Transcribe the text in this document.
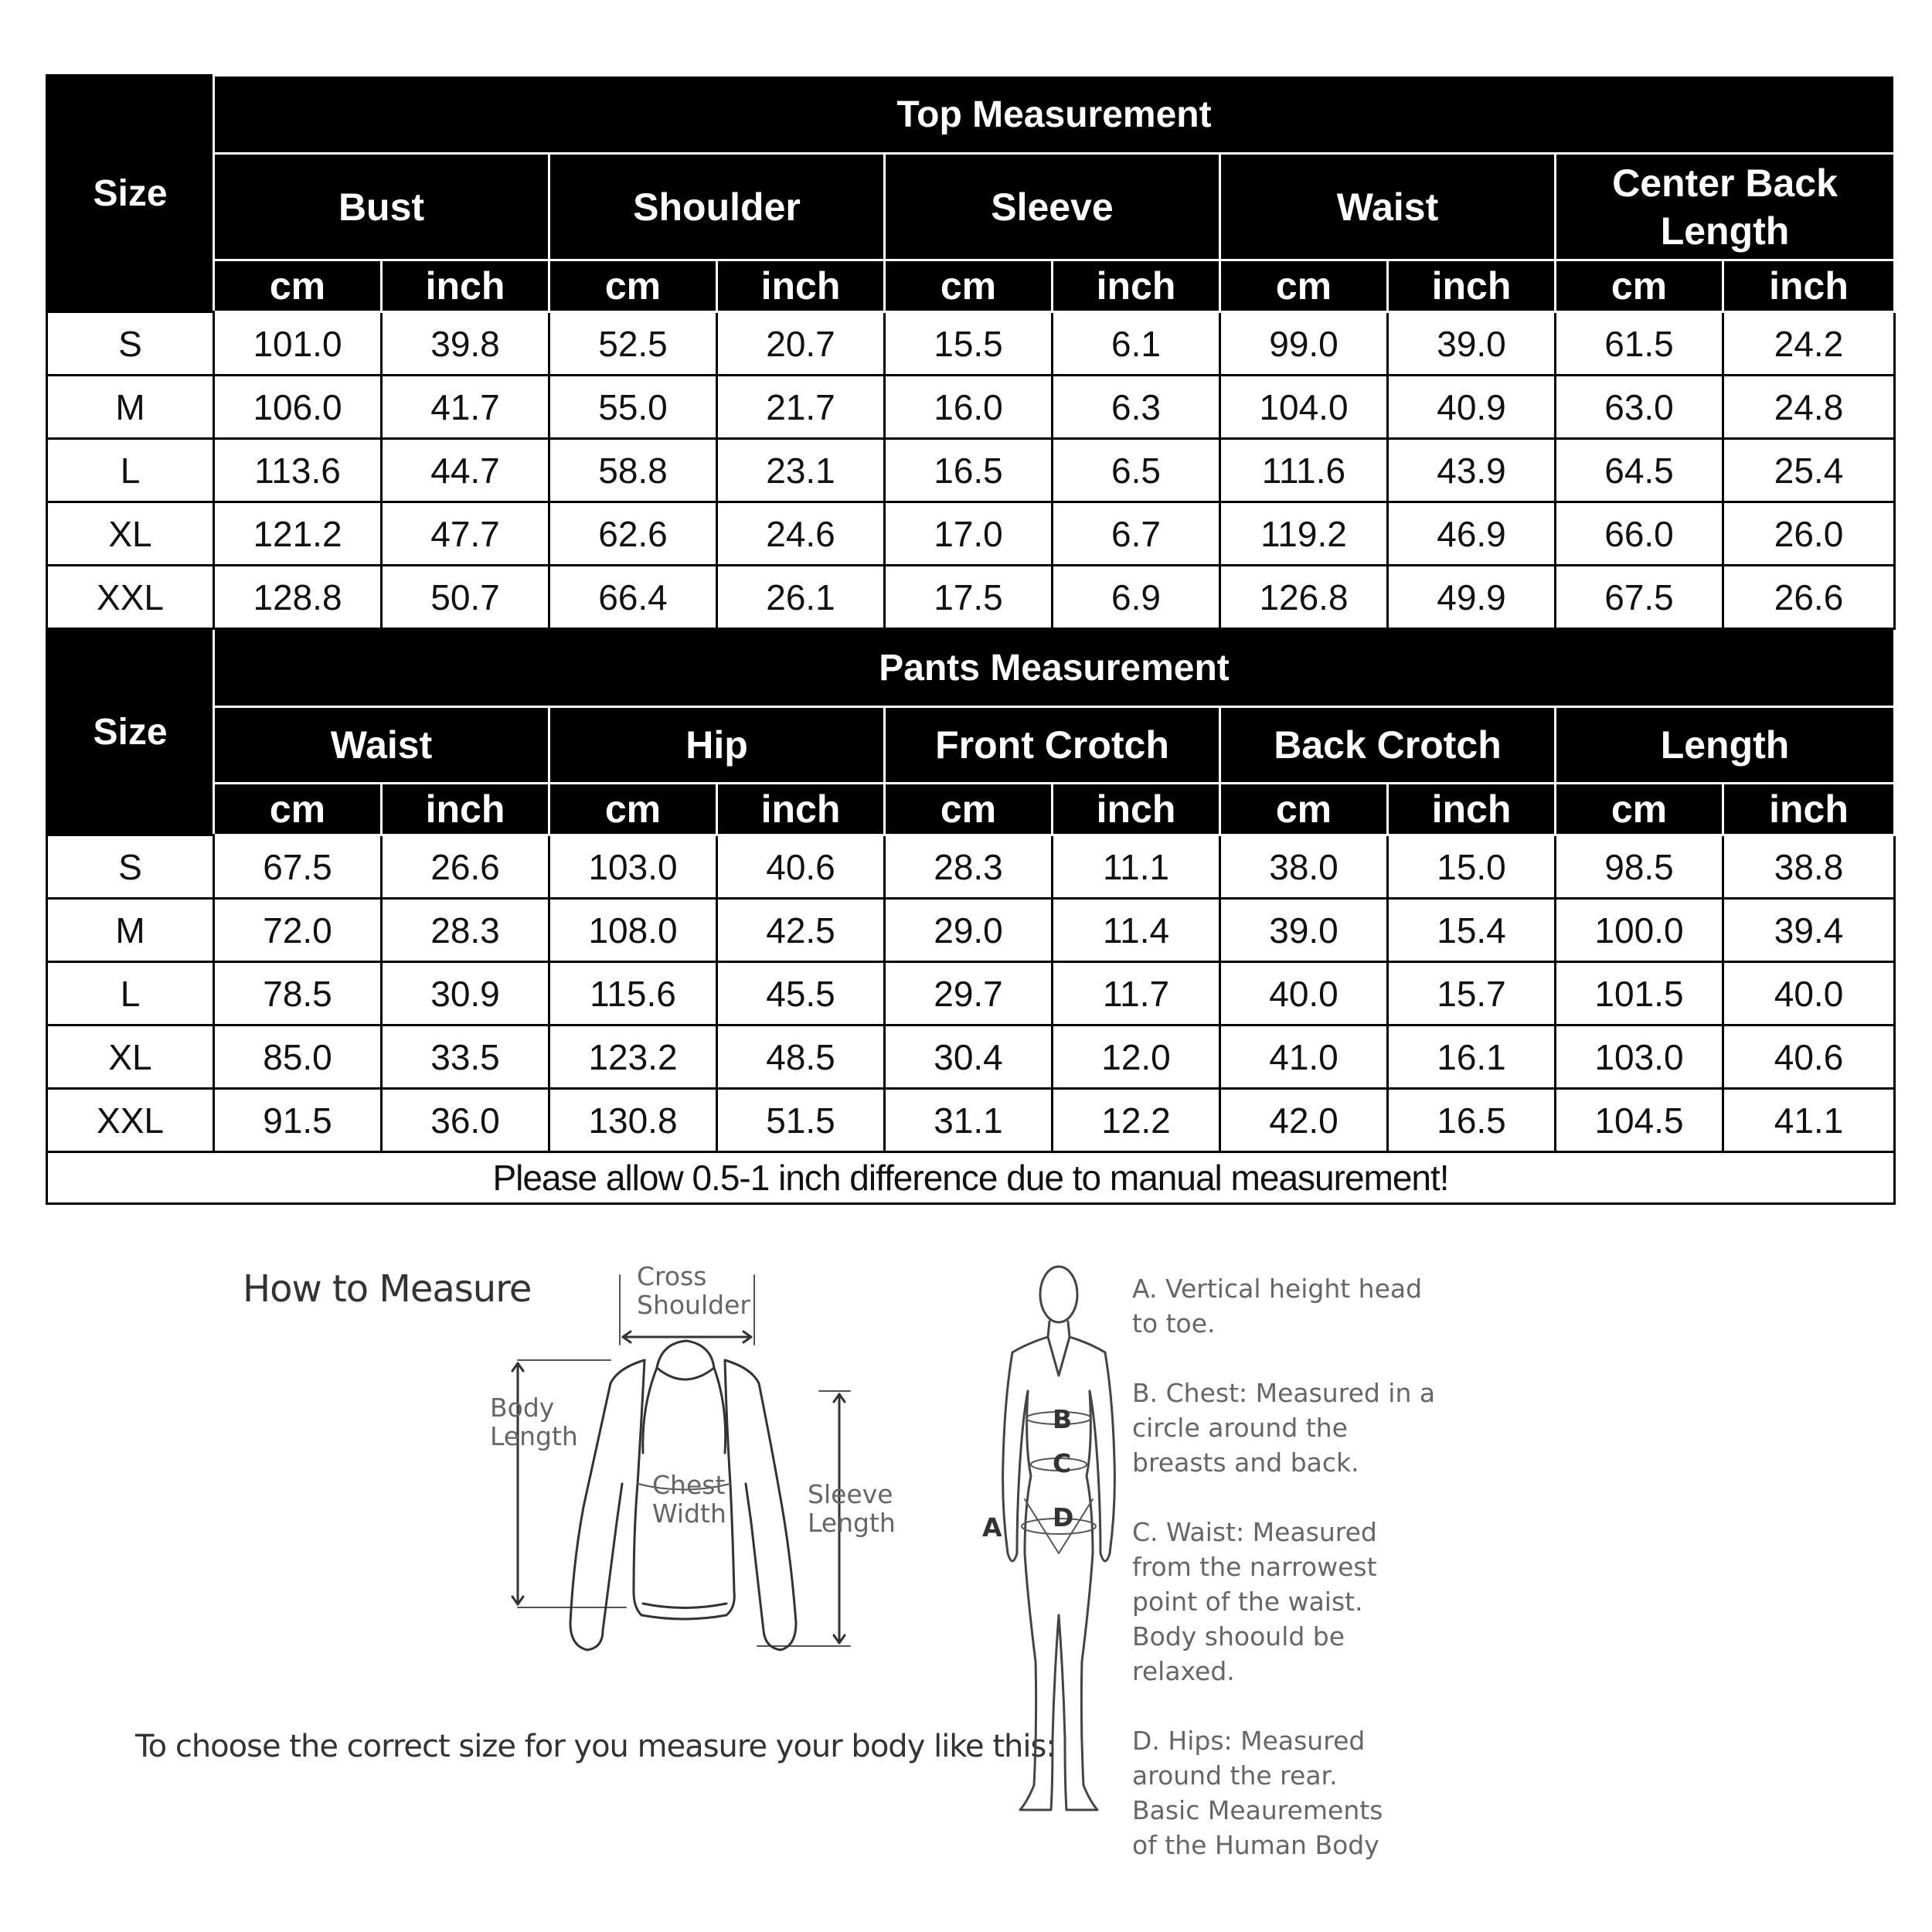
Size	Top Measurement									
	Bust		Shoulder		Sleeve		Waist		Center Back Length	
	cm	inch	cm	inch	cm	inch	cm	inch	cm	inch
S	101.0	39.8	52.5	20.7	15.5	6.1	99.0	39.0	61.5	24.2
M	106.0	41.7	55.0	21.7	16.0	6.3	104.0	40.9	63.0	24.8
L	113.6	44.7	58.8	23.1	16.5	6.5	111.6	43.9	64.5	25.4
XL	121.2	47.7	62.6	24.6	17.0	6.7	119.2	46.9	66.0	26.0
XXL	128.8	50.7	66.4	26.1	17.5	6.9	126.8	49.9	67.5	26.6
Size	Pants Measurement									
	Waist		Hip		Front Crotch		Back Crotch		Length	
	cm	inch	cm	inch	cm	inch	cm	inch	cm	inch
S	67.5	26.6	103.0	40.6	28.3	11.1	38.0	15.0	98.5	38.8
M	72.0	28.3	108.0	42.5	29.0	11.4	39.0	15.4	100.0	39.4
L	78.5	30.9	115.6	45.5	29.7	11.7	40.0	15.7	101.5	40.0
XL	85.0	33.5	123.2	48.5	30.4	12.0	41.0	16.1	103.0	40.6
XXL	91.5	36.0	130.8	51.5	31.1	12.2	42.0	16.5	104.5	41.1
Please allow 0.5-1 inch difference due to manual measurement!										
How to Measure
To choose the correct size for you measure your body like this:
Cross
Shoulder
Body
Length
Chest
Width
Sleeve
Length	A
B
C
D
A. Vertical height head
to toe.
B. Chest: Measured in a
circle around the
breasts and back.
C. Waist: Measured
from the narrowest
point of the waist.
Body shoould be
relaxed.
D. Hips: Measured
around the rear.
Basic Meaurements
of the Human Body
